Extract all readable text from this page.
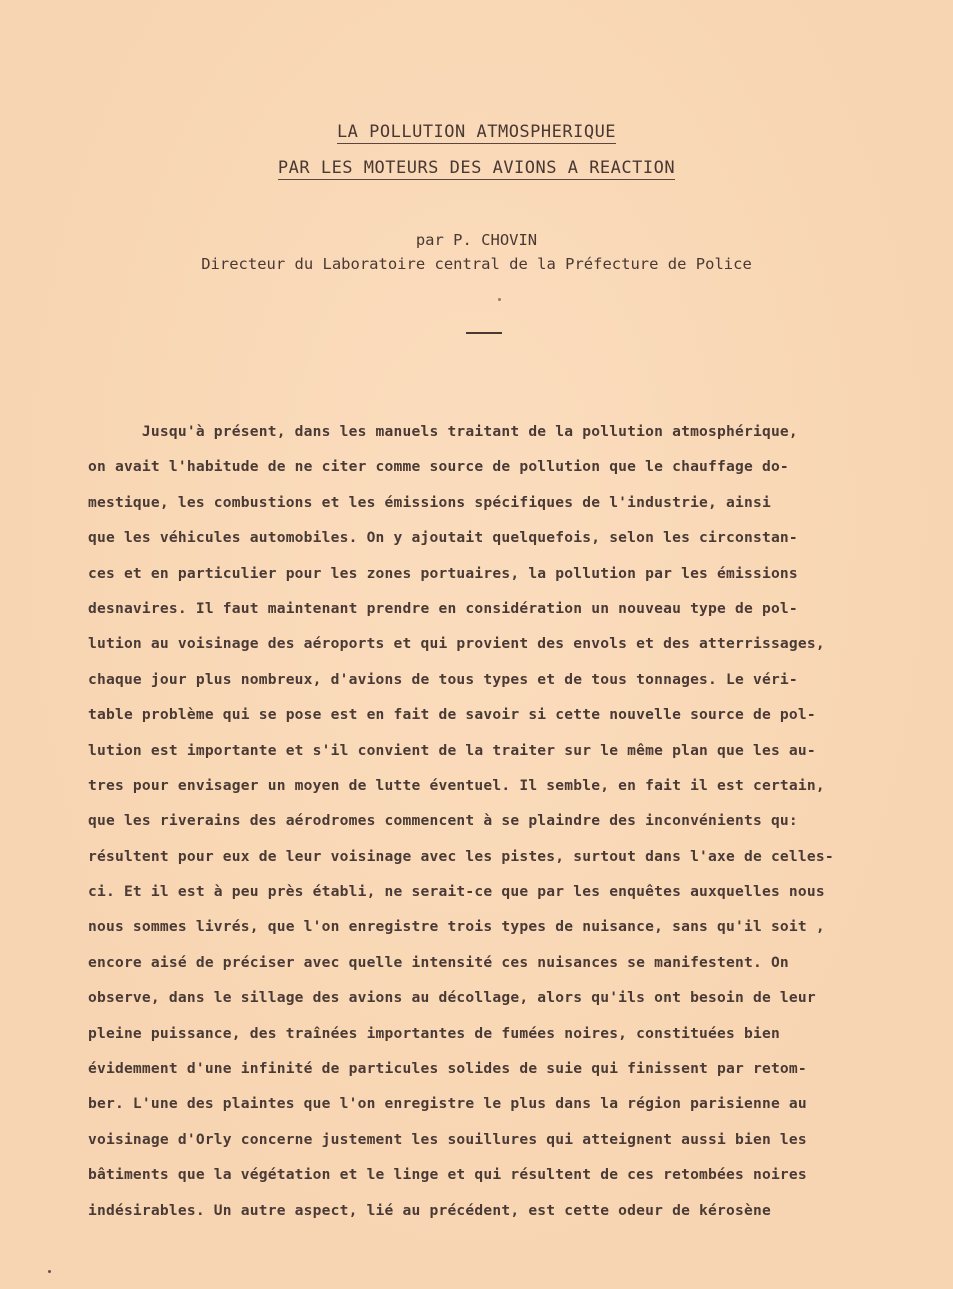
LA POLLUTION ATMOSPHERIQUE
PAR LES MOTEURS DES AVIONS A REACTION
par P. CHOVIN
Directeur du Laboratoire central de la Préfecture de Police
Jusqu'à présent, dans les manuels traitant de la pollution atmosphérique,
on avait l'habitude de ne citer comme source de pollution que le chauffage do-
mestique, les combustions et les émissions spécifiques de l'industrie, ainsi
que les véhicules automobiles. On y ajoutait quelquefois, selon les circonstan-
ces et en particulier pour les zones portuaires, la pollution par les émissions
desnavires. Il faut maintenant prendre en considération un nouveau type de pol-
lution au voisinage des aéroports et qui provient des envols et des atterrissages,
chaque jour plus nombreux, d'avions de tous types et de tous tonnages. Le véri-
table problème qui se pose est en fait de savoir si cette nouvelle source de pol-
lution est importante et s'il convient de la traiter sur le même plan que les au-
tres pour envisager un moyen de lutte éventuel. Il semble, en fait il est certain,
que les riverains des aérodromes commencent à se plaindre des inconvénients qu:
résultent pour eux de leur voisinage avec les pistes, surtout dans l'axe de celles-
ci. Et il est à peu près établi, ne serait-ce que par les enquêtes auxquelles nous
nous sommes livrés, que l'on enregistre trois types de nuisance, sans qu'il soit ,
encore aisé de préciser avec quelle intensité ces nuisances se manifestent. On
observe, dans le sillage des avions au décollage, alors qu'ils ont besoin de leur
pleine puissance, des traînées importantes de fumées noires, constituées bien
évidemment d'une infinité de particules solides de suie qui finissent par retom-
ber. L'une des plaintes que l'on enregistre le plus dans la région parisienne au
voisinage d'Orly concerne justement les souillures qui atteignent aussi bien les
bâtiments que la végétation et le linge et qui résultent de ces retombées noires
indésirables. Un autre aspect, lié au précédent, est cette odeur de kérosène
